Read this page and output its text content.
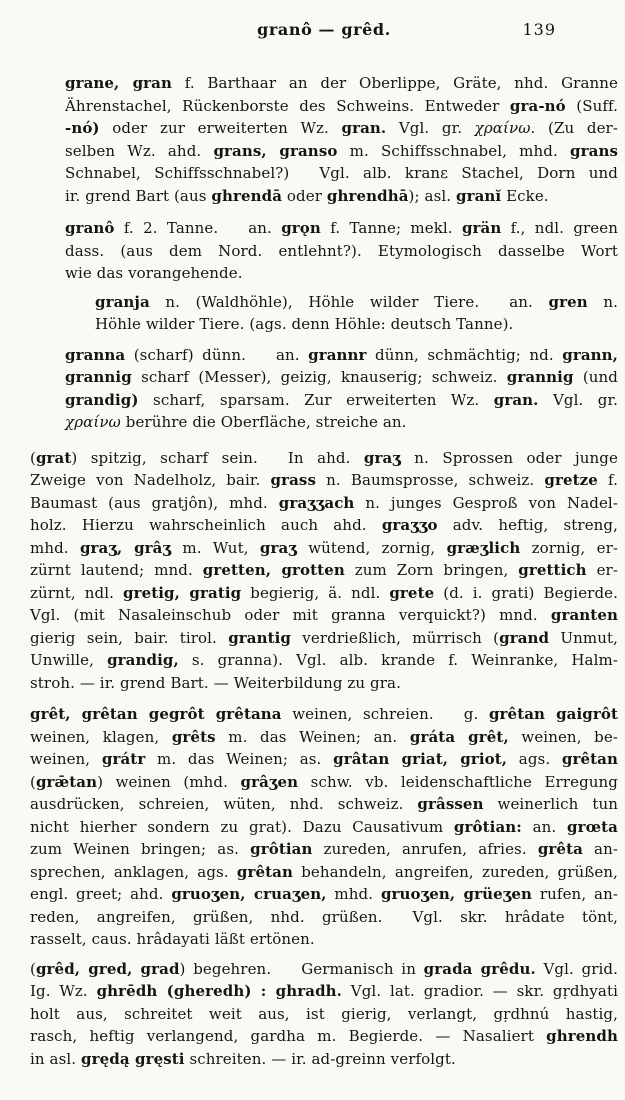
granô — grêd.	139
grane, gran f. Barthaar an der Oberlippe, Gräte, nhd. Granne
Ährenstachel, Rückenborste des Schweins. Entweder gra-nó (Suff.
-nó) oder zur erweiterten Wz. gran. Vgl. gr. χραίνω. (Zu der-
selben Wz. ahd. grans, granso m. Schiffsschnabel, mhd. grans
Schnabel, Schiffsschnabel?) Vgl. alb. kranε Stachel, Dorn und
ir. grend Bart (aus ghrendā oder ghrendhā); asl. granĭ Ecke.
granô f. 2. Tanne. an. grǫn f. Tanne; mekl. grän f., ndl. green
dass. (aus dem Nord. entlehnt?). Etymologisch dasselbe Wort
wie das vorangehende.
granja n. (Waldhöhle), Höhle wilder Tiere. an. gren n.
Höhle wilder Tiere. (ags. denn Höhle: deutsch Tanne).
granna (scharf) dünn. an. grannr dünn, schmächtig; nd. grann,
grannig scharf (Messer), geizig, knauserig; schweiz. grannig (und
grandig) scharf, sparsam. Zur erweiterten Wz. gran. Vgl. gr.
χραίνω berühre die Oberfläche, streiche an.
(grat) spitzig, scharf sein. In ahd. graʒ n. Sprossen oder junge
Zweige von Nadelholz, bair. grass n. Baumsprosse, schweiz. gretze f.
Baumast (aus gratjôn), mhd. graʒʒach n. junges Gesproß von Nadel-
holz. Hierzu wahrscheinlich auch ahd. graʒʒo adv. heftig, streng,
mhd. graʒ, grâʒ m. Wut, graʒ wütend, zornig, græʒlich zornig, er-
zürnt lautend; mnd. gretten, grotten zum Zorn bringen, grettich er-
zürnt, ndl. gretig, gratig begierig, ä. ndl. grete (d. i. grati) Begierde.
Vgl. (mit Nasaleinschub oder mit granna verquickt?) mnd. granten
gierig sein, bair. tirol. grantig verdrießlich, mürrisch (grand Unmut,
Unwille, grandig, s. granna). Vgl. alb. krande f. Weinranke, Halm-
stroh. — ir. grend Bart. — Weiterbildung zu gra.
grêt, grêtan gegrôt grêtana weinen, schreien. g. grêtan gaigrôt
weinen, klagen, grêts m. das Weinen; an. gráta grêt, weinen, be-
weinen, grátr m. das Weinen; as. grâtan griat, griot, ags. grêtan
(grǣtan) weinen (mhd. grâʒen schw. vb. leidenschaftliche Erregung
ausdrücken, schreien, wüten, nhd. schweiz. grâssen weinerlich tun
nicht hierher sondern zu grat). Dazu Causativum grôtian: an. grœta
zum Weinen bringen; as. grôtian zureden, anrufen, afries. grêta an-
sprechen, anklagen, ags. grêtan behandeln, angreifen, zureden, grüßen,
engl. greet; ahd. gruoʒen, cruaʒen, mhd. gruoʒen, grüeʒen rufen, an-
reden, angreifen, grüßen, nhd. grüßen. Vgl. skr. hrâdate tönt,
rasselt, caus. hrâdayati läßt ertönen.
(grêd, gred, grad) begehren. Germanisch in grada grêdu. Vgl. grid.
Ig. Wz. ghrēdh (gheredh) : ghradh. Vgl. lat. gradior. — skr. gṛdhyati
holt aus, schreitet weit aus, ist gierig, verlangt, gṛdhnú hastig,
rasch, heftig verlangend, gardha m. Begierde. — Nasaliert ghrendh
in asl. grędą gręsti schreiten. — ir. ad-greinn verfolgt.
